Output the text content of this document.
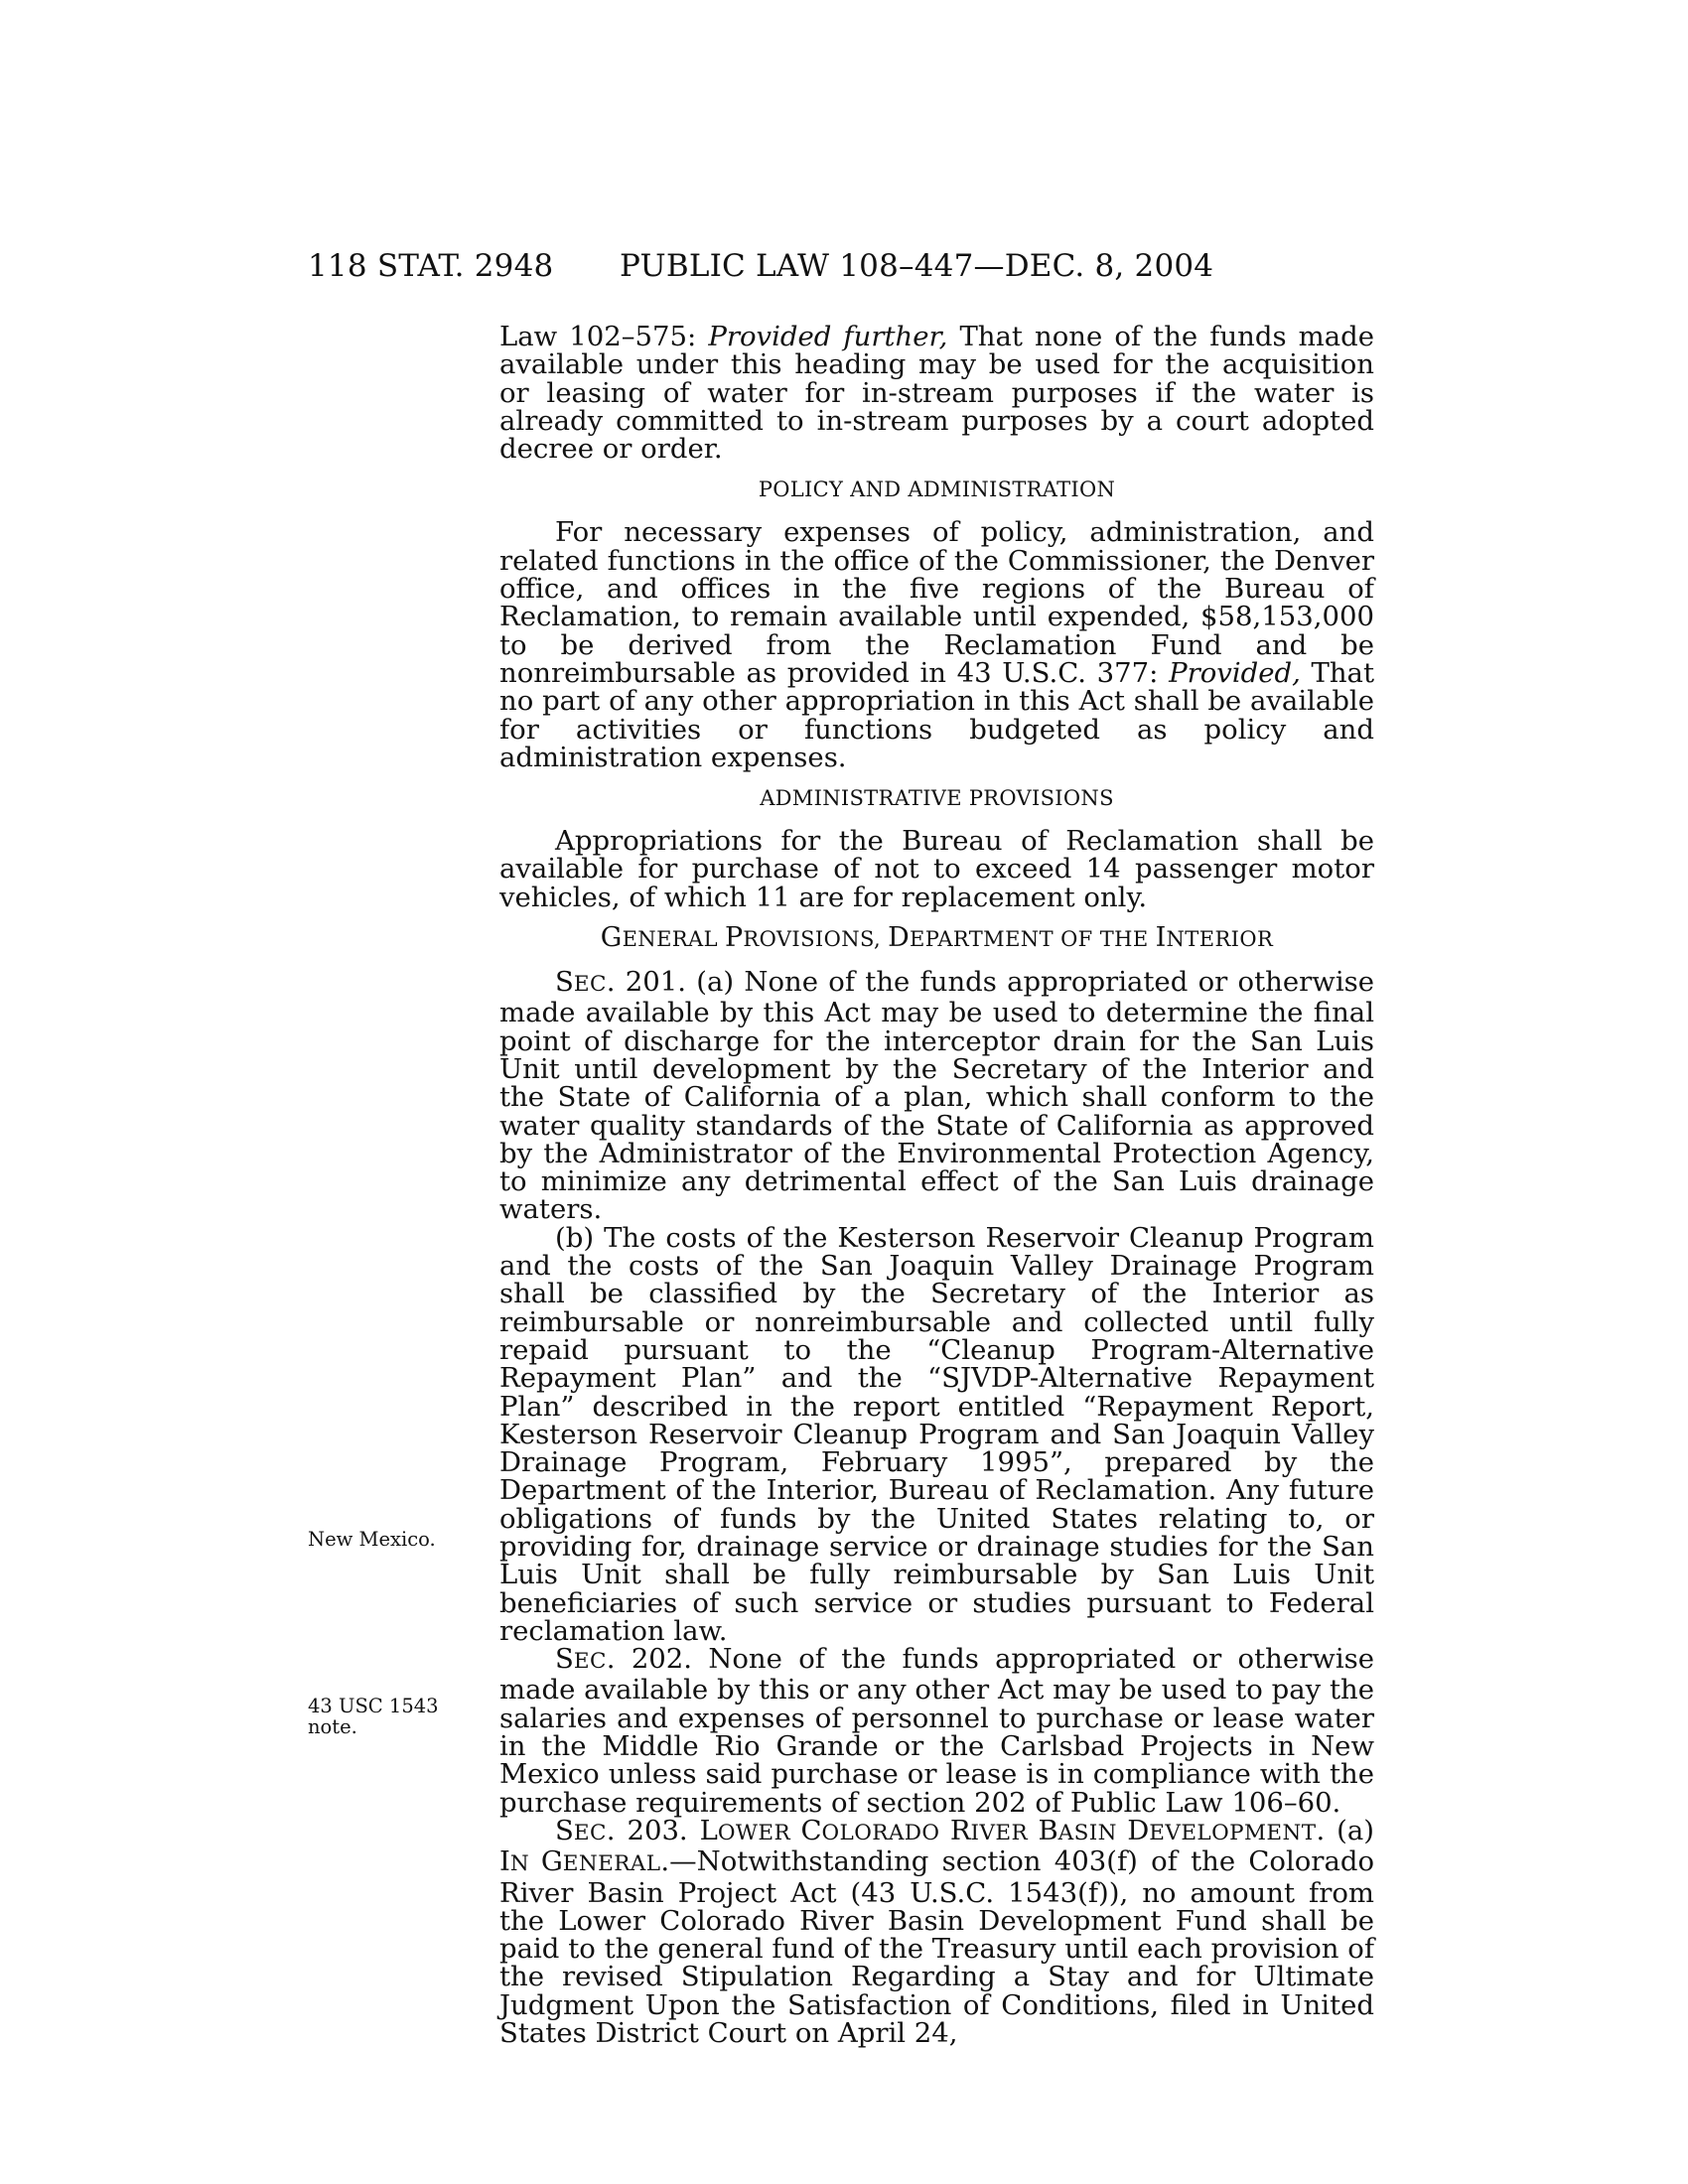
118 STAT. 2948 PUBLIC LAW 108–447—DEC. 8, 2004
New Mexico.
43 USC 1543
note.

Law 102–575: Provided further, That none of the funds made available under this heading may be used for the acquisition or leasing of water for in-stream purposes if the water is already committed to in-stream purposes by a court adopted decree or order.

POLICY AND ADMINISTRATION

For necessary expenses of policy, administration, and related functions in the office of the Commissioner, the Denver office, and offices in the five regions of the Bureau of Reclamation, to remain available until expended, $58,153,000 to be derived from the Reclamation Fund and be nonreimbursable as provided in 43 U.S.C. 377: Provided, That no part of any other appropriation in this Act shall be available for activities or functions budgeted as policy and administration expenses.

ADMINISTRATIVE PROVISIONS

Appropriations for the Bureau of Reclamation shall be available for purchase of not to exceed 14 passenger motor vehicles, of which 11 are for replacement only.

GENERAL PROVISIONS, DEPARTMENT OF THE INTERIOR

SEC. 201. (a) None of the funds appropriated or otherwise made available by this Act may be used to determine the final point of discharge for the interceptor drain for the San Luis Unit until development by the Secretary of the Interior and the State of California of a plan, which shall conform to the water quality standards of the State of California as approved by the Administrator of the Environmental Protection Agency, to minimize any detrimental effect of the San Luis drainage waters.

(b) The costs of the Kesterson Reservoir Cleanup Program and the costs of the San Joaquin Valley Drainage Program shall be classified by the Secretary of the Interior as reimbursable or nonreimbursable and collected until fully repaid pursuant to the “Cleanup Program-Alternative Repayment Plan” and the “SJVDP-Alternative Repayment Plan” described in the report entitled “Repayment Report, Kesterson Reservoir Cleanup Program and San Joaquin Valley Drainage Program, February 1995”, prepared by the Department of the Interior, Bureau of Reclamation. Any future obligations of funds by the United States relating to, or providing for, drainage service or drainage studies for the San Luis Unit shall be fully reimbursable by San Luis Unit beneficiaries of such service or studies pursuant to Federal reclamation law.

SEC. 202. None of the funds appropriated or otherwise made available by this or any other Act may be used to pay the salaries and expenses of personnel to purchase or lease water in the Middle Rio Grande or the Carlsbad Projects in New Mexico unless said purchase or lease is in compliance with the purchase requirements of section 202 of Public Law 106–60.

SEC. 203. LOWER COLORADO RIVER BASIN DEVELOPMENT. (a) IN GENERAL.—Notwithstanding section 403(f) of the Colorado River Basin Project Act (43 U.S.C. 1543(f)), no amount from the Lower Colorado River Basin Development Fund shall be paid to the general fund of the Treasury until each provision of the revised Stipulation Regarding a Stay and for Ultimate Judgment Upon the Satisfaction of Conditions, filed in United States District Court on April 24,
